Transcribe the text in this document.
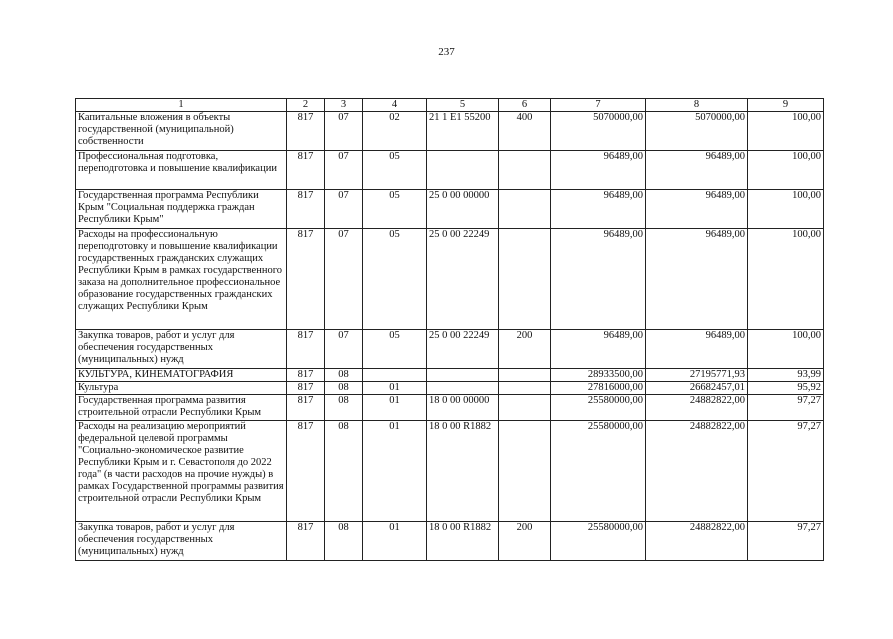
237
1	2	3	4	5	6	7	8	9
Капитальные вложения в объекты государственной (муниципальной) собственности	817	07	02	21 1 Е1 55200	400	5070000,00	5070000,00	100,00
Профессиональная подготовка, переподготовка и повышение квалификации	817	07	05			96489,00	96489,00	100,00
Государственная программа Республики Крым "Социальная поддержка граждан Республики Крым"	817	07	05	25 0 00 00000		96489,00	96489,00	100,00
Расходы на профессиональную переподготовку и повышение квалификации государственных гражданских служащих Республики Крым в рамках государственного заказа на дополнительное профессиональное образование государственных гражданских служащих Республики Крым	817	07	05	25 0 00 22249		96489,00	96489,00	100,00
Закупка товаров, работ и услуг для обеспечения государственных (муниципальных) нужд	817	07	05	25 0 00 22249	200	96489,00	96489,00	100,00
КУЛЬТУРА, КИНЕМАТОГРАФИЯ	817	08				28933500,00	27195771,93	93,99
Культура	817	08	01			27816000,00	26682457,01	95,92
Государственная программа развития строительной отрасли Республики Крым	817	08	01	18 0 00 00000		25580000,00	24882822,00	97,27
Расходы на реализацию мероприятий федеральной целевой программы "Социально-экономическое развитие Республики Крым и г. Севастополя до 2022 года" (в части расходов на прочие нужды) в рамках Государственной программы развития строительной отрасли Республики Крым	817	08	01	18 0 00 R1882		25580000,00	24882822,00	97,27
Закупка товаров, работ и услуг для обеспечения государственных (муниципальных) нужд	817	08	01	18 0 00 R1882	200	25580000,00	24882822,00	97,27
